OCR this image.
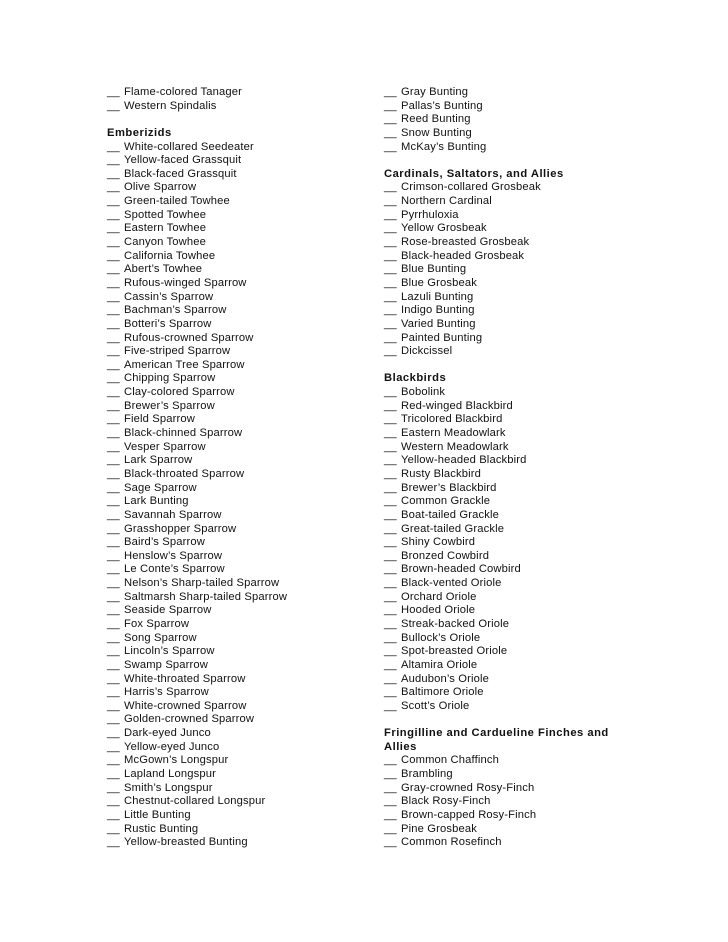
__ Flame-colored Tanager
__ Western Spindalis

Emberizids
__ White-collared Seedeater
__ Yellow-faced Grassquit
__ Black-faced Grassquit
__ Olive Sparrow
__ Green-tailed Towhee
__ Spotted Towhee
__ Eastern Towhee
__ Canyon Towhee
__ California Towhee
__ Abert’s Towhee
__ Rufous-winged Sparrow
__ Cassin’s Sparrow
__ Bachman’s Sparrow
__ Botteri’s Sparrow
__ Rufous-crowned Sparrow
__ Five-striped Sparrow
__ American Tree Sparrow
__ Chipping Sparrow
__ Clay-colored Sparrow
__ Brewer’s Sparrow
__ Field Sparrow
__ Black-chinned Sparrow
__ Vesper Sparrow
__ Lark Sparrow
__ Black-throated Sparrow
__ Sage Sparrow
__ Lark Bunting
__ Savannah Sparrow
__ Grasshopper Sparrow
__ Baird’s Sparrow
__ Henslow’s Sparrow
__ Le Conte’s Sparrow
__ Nelson’s Sharp-tailed Sparrow
__ Saltmarsh Sharp-tailed Sparrow
__ Seaside Sparrow
__ Fox Sparrow
__ Song Sparrow
__ Lincoln’s Sparrow
__ Swamp Sparrow
__ White-throated Sparrow
__ Harris’s Sparrow
__ White-crowned Sparrow
__ Golden-crowned Sparrow
__ Dark-eyed Junco
__ Yellow-eyed Junco
__ McGown’s Longspur
__ Lapland Longspur
__ Smith’s Longspur
__ Chestnut-collared Longspur
__ Little Bunting
__ Rustic Bunting
__ Yellow-breasted Bunting
__ Gray Bunting
__ Pallas’s Bunting
__ Reed Bunting
__ Snow Bunting
__ McKay’s Bunting

Cardinals, Saltators, and Allies
__ Crimson-collared Grosbeak
__ Northern Cardinal
__ Pyrrhuloxia
__ Yellow Grosbeak
__ Rose-breasted Grosbeak
__ Black-headed Grosbeak
__ Blue Bunting
__ Blue Grosbeak
__ Lazuli Bunting
__ Indigo Bunting
__ Varied Bunting
__ Painted Bunting
__ Dickcissel

Blackbirds
__ Bobolink
__ Red-winged Blackbird
__ Tricolored Blackbird
__ Eastern Meadowlark
__ Western Meadowlark
__ Yellow-headed Blackbird
__ Rusty Blackbird
__ Brewer’s Blackbird
__ Common Grackle
__ Boat-tailed Grackle
__ Great-tailed Grackle
__ Shiny Cowbird
__ Bronzed Cowbird
__ Brown-headed Cowbird
__ Black-vented Oriole
__ Orchard Oriole
__ Hooded Oriole
__ Streak-backed Oriole
__ Bullock’s Oriole
__ Spot-breasted Oriole
__ Altamira Oriole
__ Audubon’s Oriole
__ Baltimore Oriole
__ Scott’s Oriole

Fringilline and Cardueline Finches and
Allies
__ Common Chaffinch
__ Brambling
__ Gray-crowned Rosy-Finch
__ Black Rosy-Finch
__ Brown-capped Rosy-Finch
__ Pine Grosbeak
__ Common Rosefinch
